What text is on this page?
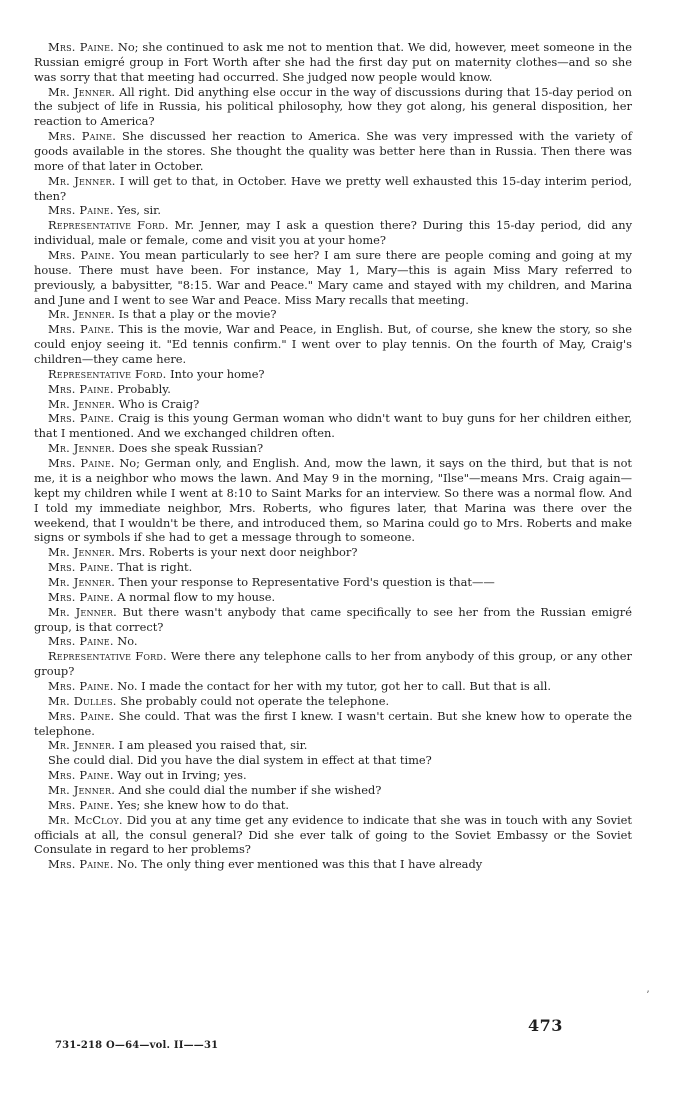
Mrs. Paine. No; she continued to ask me not to mention that. We did, however, meet someone in the Russian emigré group in Fort Worth after she had the first day put on maternity clothes—and so she was sorry that that meeting had occurred. She judged now people would know.

Mr. Jenner. All right. Did anything else occur in the way of discussions during that 15-day period on the subject of life in Russia, his political philosophy, how they got along, his general disposition, her reaction to America?

Mrs. Paine. She discussed her reaction to America. She was very impressed with the variety of goods available in the stores. She thought the quality was better here than in Russia. Then there was more of that later in October.

Mr. Jenner. I will get to that, in October. Have we pretty well exhausted this 15-day interim period, then?

Mrs. Paine. Yes, sir.

Representative Ford. Mr. Jenner, may I ask a question there? During this 15-day period, did any individual, male or female, come and visit you at your home?

Mrs. Paine. You mean particularly to see her? I am sure there are people coming and going at my house. There must have been. For instance, May 1, Mary—this is again Miss Mary referred to previously, a babysitter, "8:15. War and Peace." Mary came and stayed with my children, and Marina and June and I went to see War and Peace. Miss Mary recalls that meeting.

Mr. Jenner. Is that a play or the movie?

Mrs. Paine. This is the movie, War and Peace, in English. But, of course, she knew the story, so she could enjoy seeing it. "Ed tennis confirm." I went over to play tennis. On the fourth of May, Craig's children—they came here.

Representative Ford. Into your home?

Mrs. Paine. Probably.

Mr. Jenner. Who is Craig?

Mrs. Paine. Craig is this young German woman who didn't want to buy guns for her children either, that I mentioned. And we exchanged children often.

Mr. Jenner. Does she speak Russian?

Mrs. Paine. No; German only, and English. And, mow the lawn, it says on the third, but that is not me, it is a neighbor who mows the lawn. And May 9 in the morning, "Ilse"—means Mrs. Craig again—kept my children while I went at 8:10 to Saint Marks for an interview. So there was a normal flow. And I told my immediate neighbor, Mrs. Roberts, who figures later, that Marina was there over the weekend, that I wouldn't be there, and introduced them, so Marina could go to Mrs. Roberts and make signs or symbols if she had to get a message through to someone.

Mr. Jenner. Mrs. Roberts is your next door neighbor?

Mrs. Paine. That is right.

Mr. Jenner. Then your response to Representative Ford's question is that——

Mrs. Paine. A normal flow to my house.

Mr. Jenner. But there wasn't anybody that came specifically to see her from the Russian emigré group, is that correct?

Mrs. Paine. No.

Representative Ford. Were there any telephone calls to her from anybody of this group, or any other group?

Mrs. Paine. No. I made the contact for her with my tutor, got her to call. But that is all.

Mr. Dulles. She probably could not operate the telephone.

Mrs. Paine. She could. That was the first I knew. I wasn't certain. But she knew how to operate the telephone.

Mr. Jenner. I am pleased you raised that, sir.

She could dial. Did you have the dial system in effect at that time?

Mrs. Paine. Way out in Irving; yes.

Mr. Jenner. And she could dial the number if she wished?

Mrs. Paine. Yes; she knew how to do that.

Mr. McCloy. Did you at any time get any evidence to indicate that she was in touch with any Soviet officials at all, the consul general? Did she ever talk of going to the Soviet Embassy or the Soviet Consulate in regard to her problems?

Mrs. Paine. No. The only thing ever mentioned was this that I have already

ʼ
473
731-218 O—64—vol. II——31
